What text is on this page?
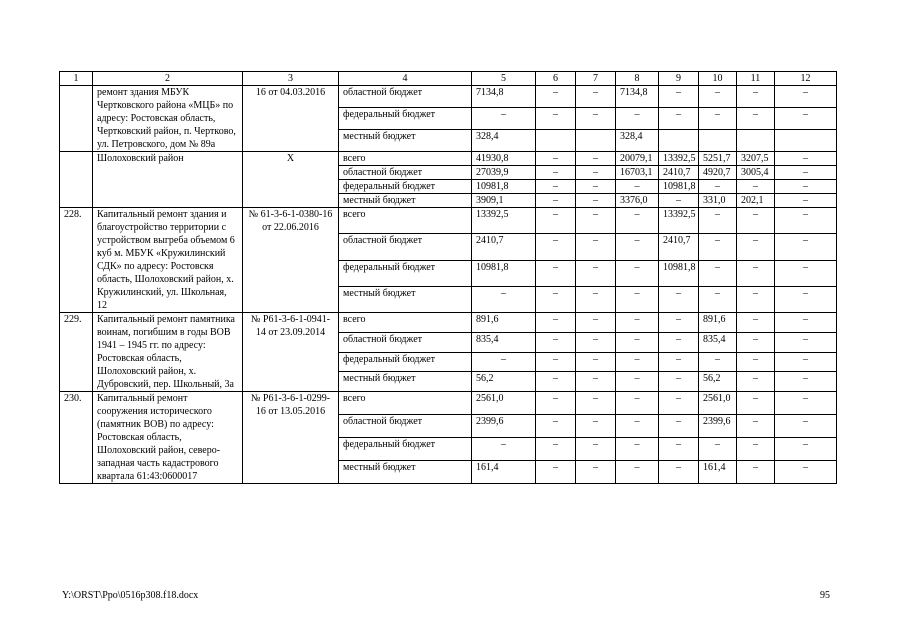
1	2	3	4	5	6	7	8	9	10	11	12
	ремонт здания МБУК Чертковского района «МЦБ» по адресу: Ростовская область, Чертковский район, п. Чертково, ул. Петровского, дом № 89а	16 от 04.03.2016	областной бюджет	7134,8	–	–	7134,8	–	–	–	–
			федеральный бюджет	–	–	–	–	–	–	–	–
			местный бюджет	328,4			328,4				
	Шолоховский район	Х	всего	41930,8	–	–	20079,1	13392,5	5251,7	3207,5	–
			областной бюджет	27039,9	–	–	16703,1	2410,7	4920,7	3005,4	–
			федеральный бюджет	10981,8	–	–	–	10981,8	–	–	–
			местный бюджет	3909,1	–	–	3376,0	–	331,0	202,1	–
228.	Капитальный ремонт здания и благоустройство территории с устройством выгреба объемом 6 куб м. МБУК «Кружилинский СДК» по адресу: Ростовскя область, Шолоховский район, х. Кружилинский, ул. Школьная, 12	№ 61-3-6-1-0380-16 от 22.06.2016	всего	13392,5	–	–	–	13392,5	–	–	–
			областной бюджет	2410,7	–	–	–	2410,7	–	–	–
			федеральный бюджет	10981,8	–	–	–	10981,8	–	–	–
			местный бюджет	–	–	–	–	–	–	–	–
229.	Капитальный ремонт памятника воинам, погибшим в годы ВОВ 1941 – 1945 гг. по адресу: Ростовская область, Шолоховский район, х. Дубровский, пер. Школьный, 3а	№ Р61-3-6-1-0941-14 от 23.09.2014	всего	891,6	–	–	–	–	891,6	–	–
			областной бюджет	835,4	–	–	–	–	835,4	–	–
			федеральный бюджет	–	–	–	–	–	–	–	–
			местный бюджет	56,2	–	–	–	–	56,2	–	–
230.	Капитальный ремонт сооружения исторического (памятник ВОВ) по адресу: Ростовская область, Шолоховский район, северо-западная часть кадастрового квартала 61:43:0600017	№ Р61-3-6-1-0299-16 от 13.05.2016	всего	2561,0	–	–	–	–	2561,0	–	–
			областной бюджет	2399,6	–	–	–	–	2399,6	–	–
			федеральный бюджет	–	–	–	–	–	–	–	–
			местный бюджет	161,4	–	–	–	–	161,4	–	–
Y:\ORST\Ppo\0516p308.f18.docx	95
